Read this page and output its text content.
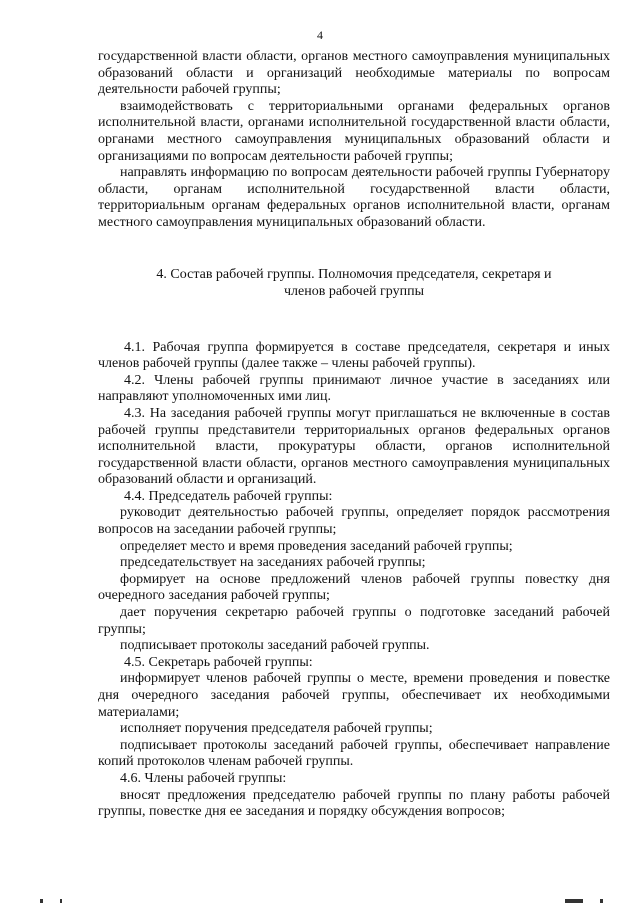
4

государственной власти области, органов местного самоуправления муниципальных образований области и организаций необходимые материалы по вопросам деятельности рабочей группы;

взаимодействовать с территориальными органами федеральных органов исполнительной власти, органами исполнительной государственной власти области, органами местного самоуправления муниципальных образований области и организациями по вопросам деятельности рабочей группы;

направлять информацию по вопросам деятельности рабочей группы Губернатору области, органам исполнительной государственной власти области, территориальным органам федеральных органов исполнительной власти, органам местного самоуправления муниципальных образований области.

4. Состав рабочей группы. Полномочия председателя, секретаря и
членов рабочей группы

4.1. Рабочая группа формируется в составе председателя, секретаря и иных членов рабочей группы (далее также – члены рабочей группы).

4.2. Члены рабочей группы принимают личное участие в заседаниях или направляют уполномоченных ими лиц.

4.3. На заседания рабочей группы могут приглашаться не включенные в состав рабочей группы представители территориальных органов федеральных органов исполнительной власти, прокуратуры области, органов исполнительной государственной власти области, органов местного самоуправления муниципальных образований области и организаций.

4.4. Председатель рабочей группы:

руководит деятельностью рабочей группы, определяет порядок рассмотрения вопросов на заседании рабочей группы;

определяет место и время проведения заседаний рабочей группы;

председательствует на заседаниях рабочей группы;

формирует на основе предложений членов рабочей группы повестку дня очередного заседания рабочей группы;

дает поручения секретарю рабочей группы о подготовке заседаний рабочей группы;

подписывает протоколы заседаний рабочей группы.

4.5. Секретарь рабочей группы:

информирует членов рабочей группы о месте, времени проведения и повестке дня очередного заседания рабочей группы, обеспечивает их необходимыми материалами;

исполняет поручения председателя рабочей группы;

подписывает протоколы заседаний рабочей группы, обеспечивает направление копий протоколов членам рабочей группы.

4.6. Члены рабочей группы:

вносят предложения председателю рабочей группы по плану работы рабочей группы, повестке дня ее заседания и порядку обсуждения вопросов;
